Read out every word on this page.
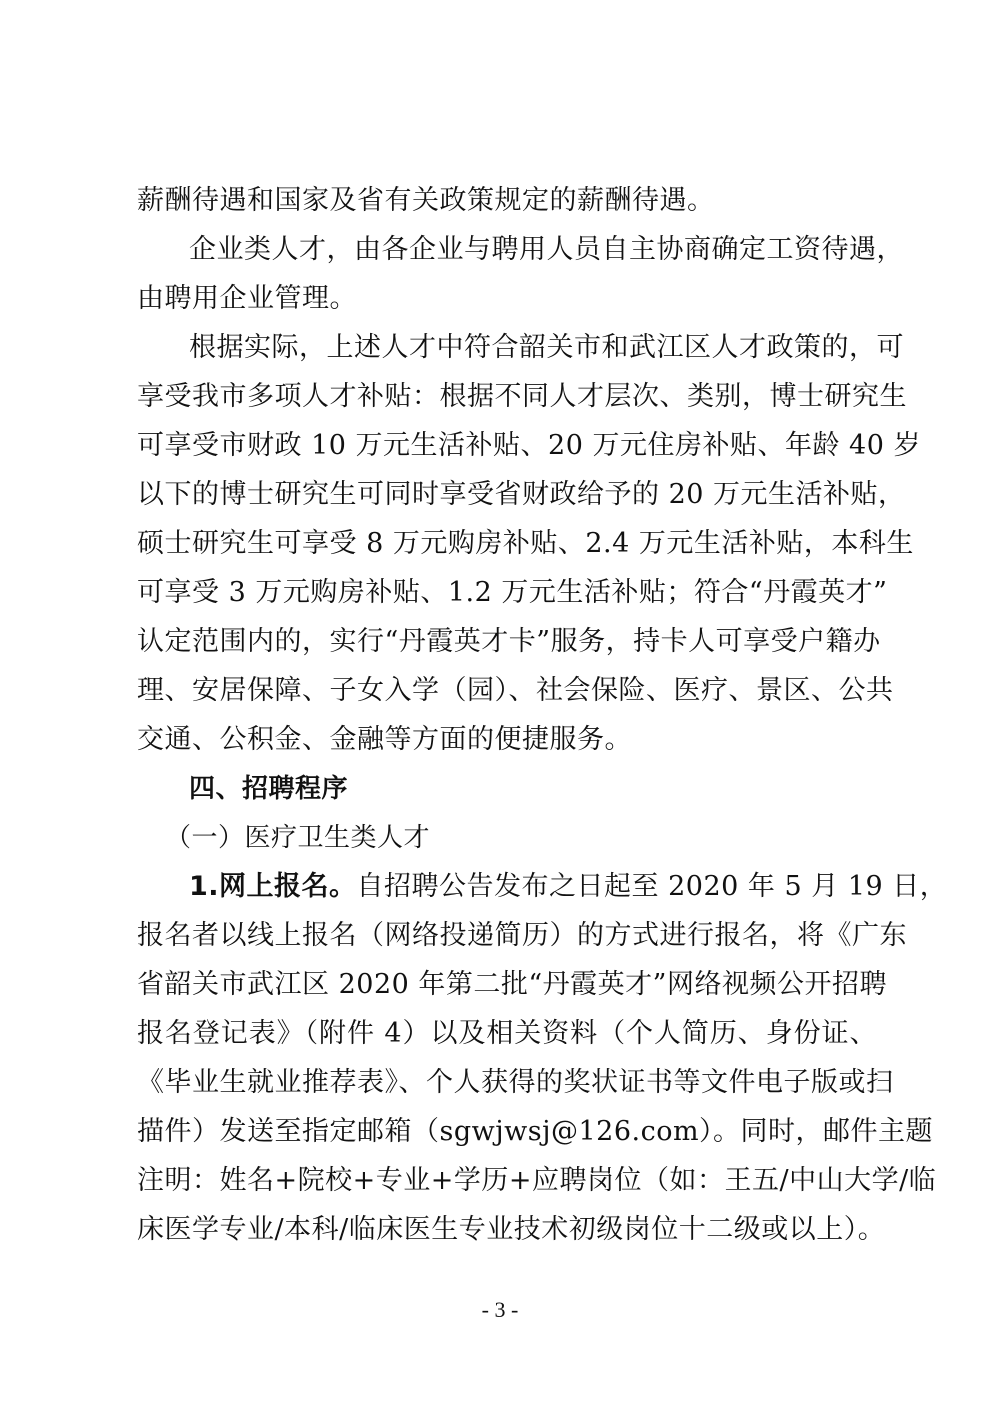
薪酬待遇和国家及省有关政策规定的薪酬待遇。
企业类人才，由各企业与聘用人员自主协商确定工资待遇，
由聘用企业管理。
根据实际，上述人才中符合韶关市和武江区人才政策的，可
享受我市多项人才补贴：根据不同人才层次、类别，博士研究生
可享受市财政 10 万元生活补贴、20 万元住房补贴、年龄 40 岁
以下的博士研究生可同时享受省财政给予的 20 万元生活补贴，
硕士研究生可享受 8 万元购房补贴、2.4 万元生活补贴，本科生
可享受 3 万元购房补贴、1.2 万元生活补贴；符合“丹霞英才”
认定范围内的，实行“丹霞英才卡”服务，持卡人可享受户籍办
理、安居保障、子女入学（园）、社会保险、医疗、景区、公共
交通、公积金、金融等方面的便捷服务。
四、招聘程序
（一）医疗卫生类人才
1.网上报名。自招聘公告发布之日起至 2020 年 5 月 19 日，
报名者以线上报名（网络投递简历）的方式进行报名，将《广东
省韶关市武江区 2020 年第二批“丹霞英才”网络视频公开招聘
报名登记表》（附件 4）以及相关资料（个人简历、身份证、
《毕业生就业推荐表》、个人获得的奖状证书等文件电子版或扫
描件）发送至指定邮箱（sgwjwsj@126.com）。同时，邮件主题
注明：姓名+院校+专业+学历+应聘岗位（如：王五/中山大学/临
床医学专业/本科/临床医生专业技术初级岗位十二级或以上）。
- 3 -
